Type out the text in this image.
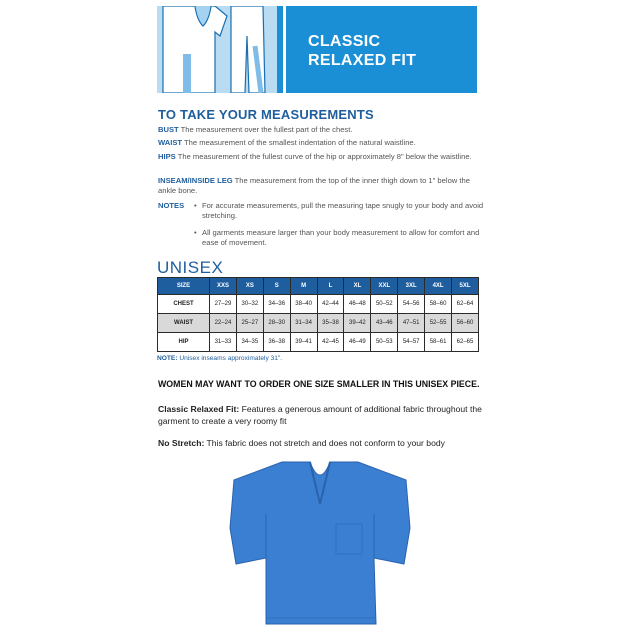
CLASSIC
RELAXED FIT
TO TAKE YOUR MEASUREMENTS
BUST The measurement over the fullest part of the chest.
WAIST The measurement of the smallest indentation of the natural waistline.
HIPS The measurement of the fullest curve of the hip or approximately 8" below the waistline.
INSEAM/INSIDE LEG The measurement from the top of the inner thigh down to 1" below the ankle bone.
NOTES • For accurate measurements, pull the measuring tape snugly to your body and avoid stretching.
• All garments measure larger than your body measurement to allow for comfort and ease of movement.
UNISEX
SIZE	XXS	XS	S	M	L	XL	XXL	3XL	4XL	5XL
CHEST	27–29	30–32	34–36	38–40	42–44	46–48	50–52	54–56	58–60	62–64
WAIST	22–24	25–27	28–30	31–34	35–38	39–42	43–46	47–51	52–55	56–60
HIP	31–33	34–35	36–38	39–41	42–45	46–49	50–53	54–57	58–61	62–65
NOTE: Unisex inseams approximately 31".
WOMEN MAY WANT TO ORDER ONE SIZE SMALLER IN THIS UNISEX PIECE.
Classic Relaxed Fit: Features a generous amount of additional fabric throughout the garment to create a very roomy fit
No Stretch: This fabric does not stretch and does not conform to your body
